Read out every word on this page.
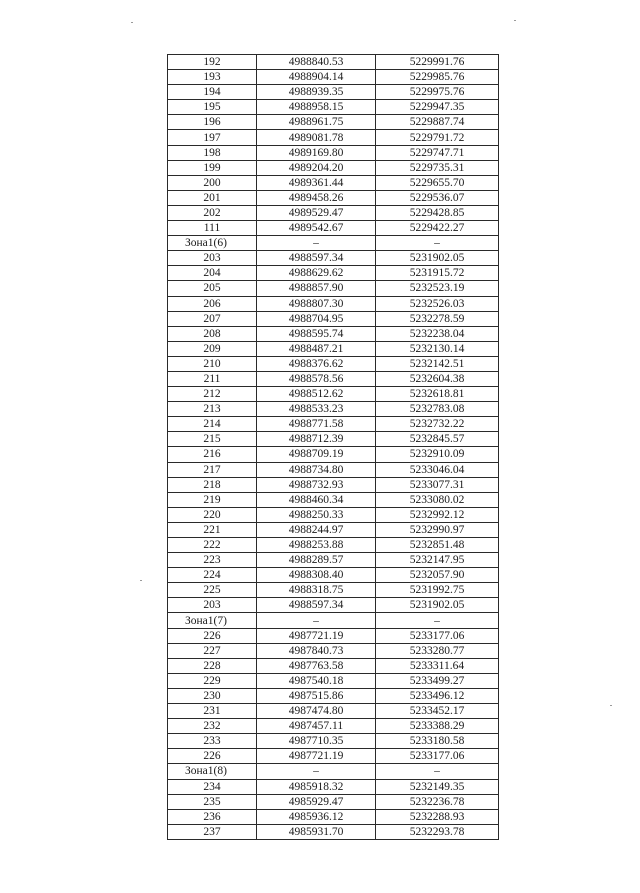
192	4988840.53	5229991.76
193	4988904.14	5229985.76
194	4988939.35	5229975.76
195	4988958.15	5229947.35
196	4988961.75	5229887.74
197	4989081.78	5229791.72
198	4989169.80	5229747.71
199	4989204.20	5229735.31
200	4989361.44	5229655.70
201	4989458.26	5229536.07
202	4989529.47	5229428.85
111	4989542.67	5229422.27
Зона1(6)	–	–
203	4988597.34	5231902.05
204	4988629.62	5231915.72
205	4988857.90	5232523.19
206	4988807.30	5232526.03
207	4988704.95	5232278.59
208	4988595.74	5232238.04
209	4988487.21	5232130.14
210	4988376.62	5232142.51
211	4988578.56	5232604.38
212	4988512.62	5232618.81
213	4988533.23	5232783.08
214	4988771.58	5232732.22
215	4988712.39	5232845.57
216	4988709.19	5232910.09
217	4988734.80	5233046.04
218	4988732.93	5233077.31
219	4988460.34	5233080.02
220	4988250.33	5232992.12
221	4988244.97	5232990.97
222	4988253.88	5232851.48
223	4988289.57	5232147.95
224	4988308.40	5232057.90
225	4988318.75	5231992.75
203	4988597.34	5231902.05
Зона1(7)	–	–
226	4987721.19	5233177.06
227	4987840.73	5233280.77
228	4987763.58	5233311.64
229	4987540.18	5233499.27
230	4987515.86	5233496.12
231	4987474.80	5233452.17
232	4987457.11	5233388.29
233	4987710.35	5233180.58
226	4987721.19	5233177.06
Зона1(8)	–	–
234	4985918.32	5232149.35
235	4985929.47	5232236.78
236	4985936.12	5232288.93
237	4985931.70	5232293.78
